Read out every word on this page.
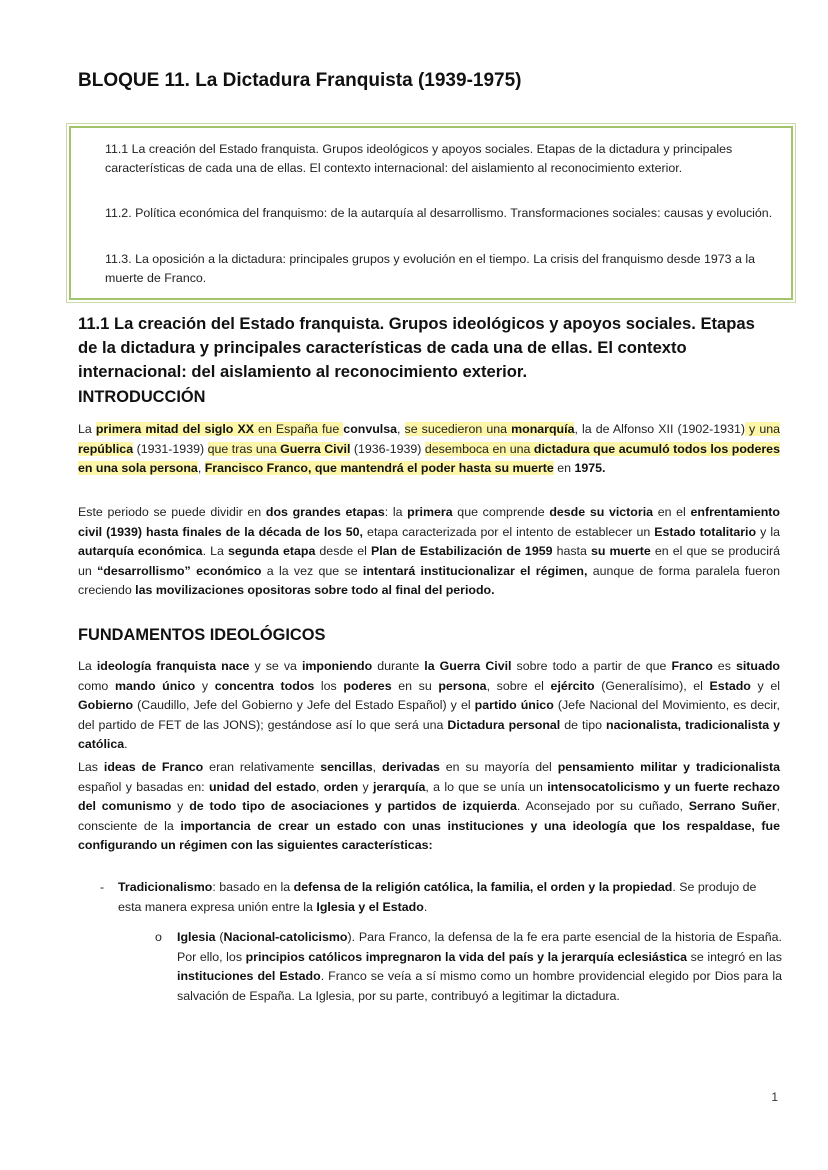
BLOQUE 11. La Dictadura Franquista (1939-1975)

11.1 La creación del Estado franquista. Grupos ideológicos y apoyos sociales. Etapas de la dictadura y principales características de cada una de ellas. El contexto internacional: del aislamiento al reconocimiento exterior.

11.2. Política económica del franquismo: de la autarquía al desarrollismo. Transformaciones sociales: causas y evolución.

11.3. La oposición a la dictadura: principales grupos y evolución en el tiempo. La crisis del franquismo desde 1973 a la muerte de Franco.

11.1 La creación del Estado franquista. Grupos ideológicos y apoyos sociales. Etapas de la dictadura y principales características de cada una de ellas. El contexto internacional: del aislamiento al reconocimiento exterior.
INTRODUCCIÓN

La primera mitad del siglo XX en España fue convulsa, se sucedieron una monarquía, la de Alfonso XII (1902-1931) y una república (1931-1939) que tras una Guerra Civil (1936-1939) desemboca en una dictadura que acumuló todos los poderes en una sola persona, Francisco Franco, que mantendrá el poder hasta su muerte en 1975.

Este periodo se puede dividir en dos grandes etapas: la primera que comprende desde su victoria en el enfrentamiento civil (1939) hasta finales de la década de los 50, etapa caracterizada por el intento de establecer un Estado totalitario y la autarquía económica. La segunda etapa desde el Plan de Estabilización de 1959 hasta su muerte en el que se producirá un “desarrollismo” económico a la vez que se intentará institucionalizar el régimen, aunque de forma paralela fueron creciendo las movilizaciones opositoras sobre todo al final del periodo.

FUNDAMENTOS IDEOLÓGICOS

La ideología franquista nace y se va imponiendo durante la Guerra Civil sobre todo a partir de que Franco es situado como mando único y concentra todos los poderes en su persona, sobre el ejército (Generalísimo), el Estado y el Gobierno (Caudillo, Jefe del Gobierno y Jefe del Estado Español) y el partido único (Jefe Nacional del Movimiento, es decir, del partido de FET de las JONS); gestándose así lo que será una Dictadura personal de tipo nacionalista, tradicionalista y católica.

Las ideas de Franco eran relativamente sencillas, derivadas en su mayoría del pensamiento militar y tradicionalista español y basadas en: unidad del estado, orden y jerarquía, a lo que se unía un intensocatolicismo y un fuerte rechazo del comunismo y de todo tipo de asociaciones y partidos de izquierda. Aconsejado por su cuñado, Serrano Suñer, consciente de la importancia de crear un estado con unas instituciones y una ideología que los respaldase, fue configurando un régimen con las siguientes características:

-	Tradicionalismo: basado en la defensa de la religión católica, la familia, el orden y la propiedad. Se produjo de esta manera expresa unión entre la Iglesia y el Estado.

o	Iglesia (Nacional-catolicismo). Para Franco, la defensa de la fe era parte esencial de la historia de España. Por ello, los principios católicos impregnaron la vida del país y la jerarquía eclesiástica se integró en las instituciones del Estado. Franco se veía a sí mismo como un hombre providencial elegido por Dios para la salvación de España. La Iglesia, por su parte, contribuyó a legitimar la dictadura.

1
